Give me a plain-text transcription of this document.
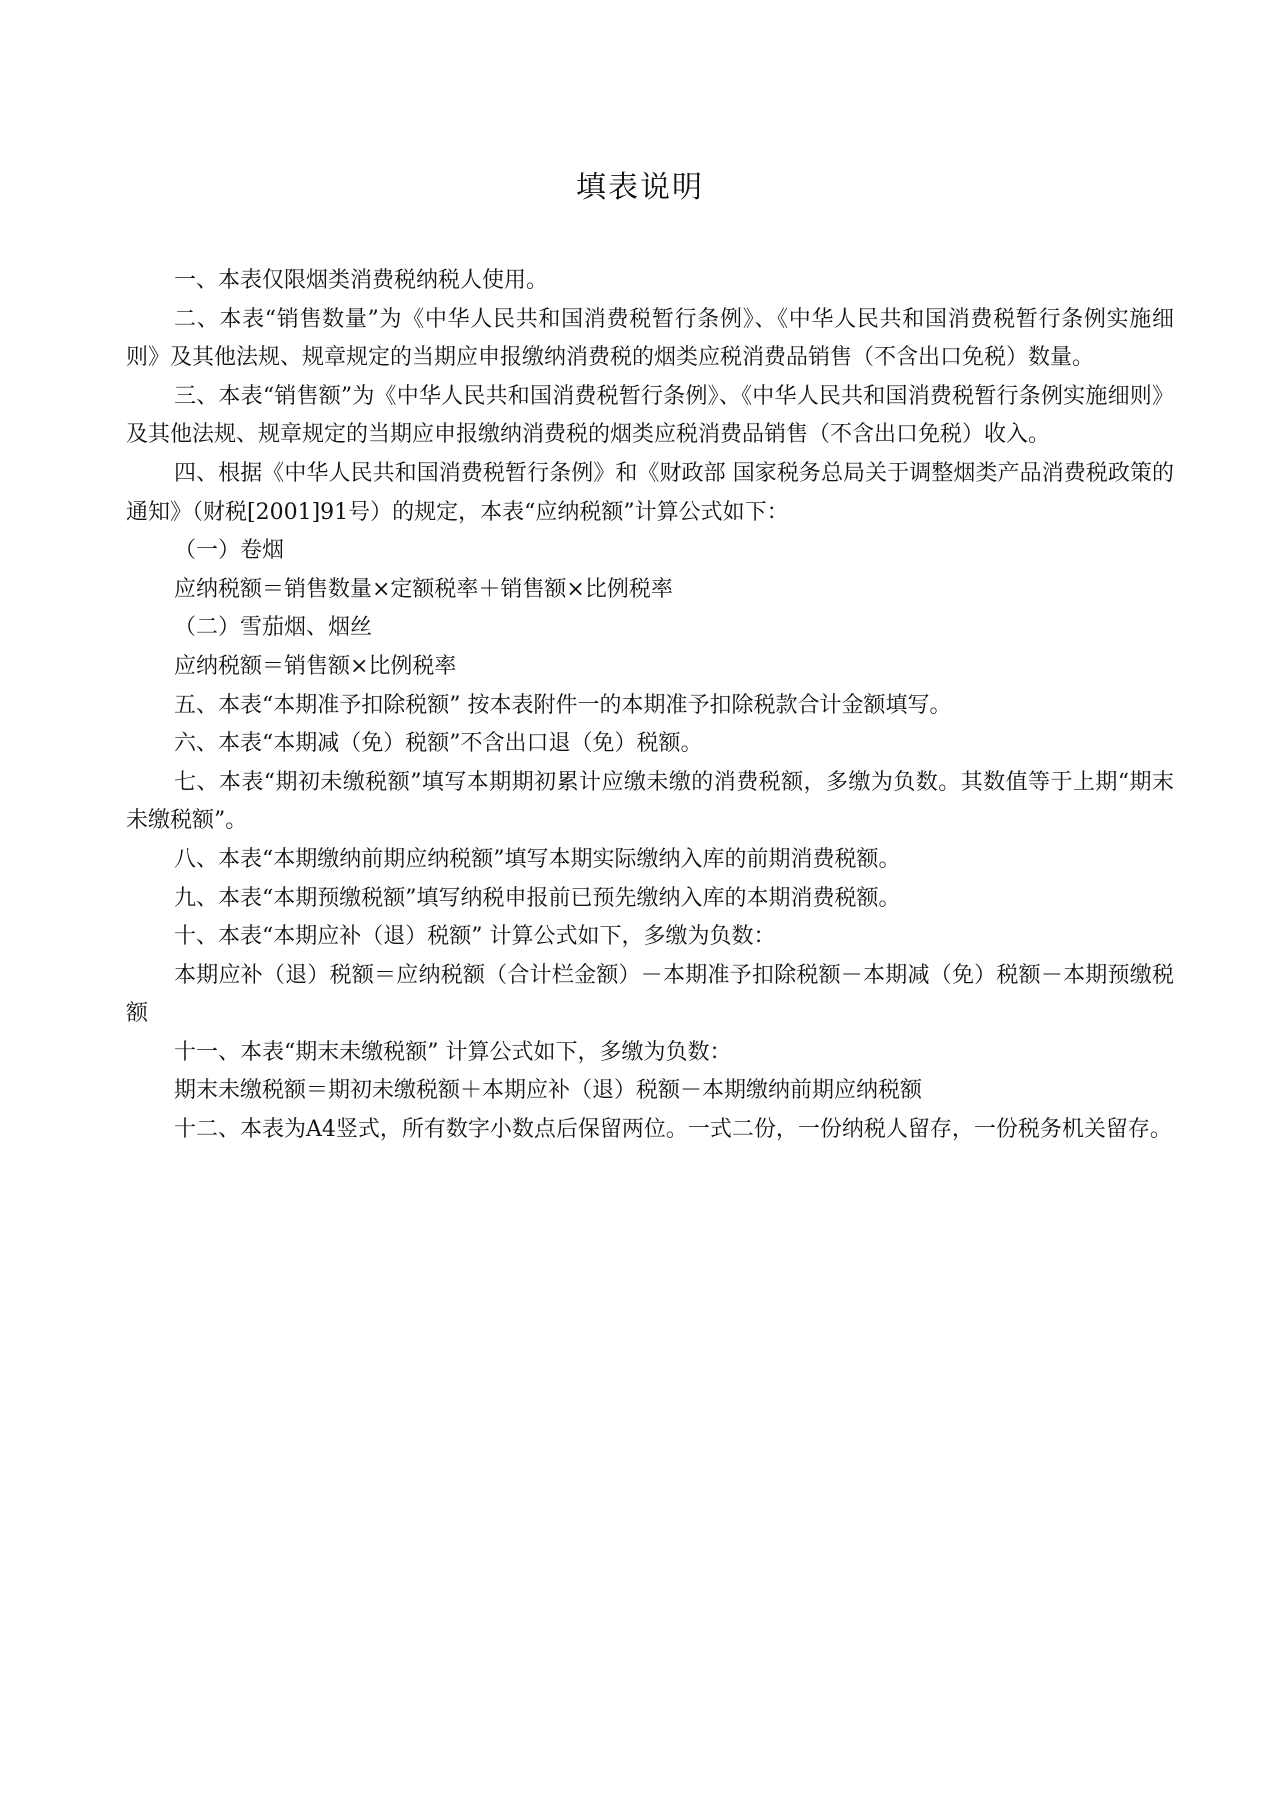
填表说明

一、本表仅限烟类消费税纳税人使用。

二、本表“销售数量”为《中华人民共和国消费税暂行条例》、《中华人民共和国消费税暂行条例实施细则》及其他法规、规章规定的当期应申报缴纳消费税的烟类应税消费品销售（不含出口免税）数量。

三、本表“销售额”为《中华人民共和国消费税暂行条例》、《中华人民共和国消费税暂行条例实施细则》及其他法规、规章规定的当期应申报缴纳消费税的烟类应税消费品销售（不含出口免税）收入。

四、根据《中华人民共和国消费税暂行条例》和《财政部 国家税务总局关于调整烟类产品消费税政策的通知》（财税[2001]91号）的规定，本表“应纳税额”计算公式如下：

（一）卷烟

应纳税额＝销售数量×定额税率＋销售额×比例税率

（二）雪茄烟、烟丝

应纳税额＝销售额×比例税率

五、本表“本期准予扣除税额” 按本表附件一的本期准予扣除税款合计金额填写。

六、本表“本期减（免）税额”不含出口退（免）税额。

七、本表“期初未缴税额”填写本期期初累计应缴未缴的消费税额，多缴为负数。其数值等于上期“期末未缴税额”。

八、本表“本期缴纳前期应纳税额”填写本期实际缴纳入库的前期消费税额。

九、本表“本期预缴税额”填写纳税申报前已预先缴纳入库的本期消费税额。

十、本表“本期应补（退）税额” 计算公式如下，多缴为负数：

本期应补（退）税额＝应纳税额（合计栏金额）－本期准予扣除税额－本期减（免）税额－本期预缴税额

十一、本表“期末未缴税额” 计算公式如下，多缴为负数：

期末未缴税额＝期初未缴税额＋本期应补（退）税额－本期缴纳前期应纳税额

十二、本表为A4竖式，所有数字小数点后保留两位。一式二份，一份纳税人留存，一份税务机关留存。
